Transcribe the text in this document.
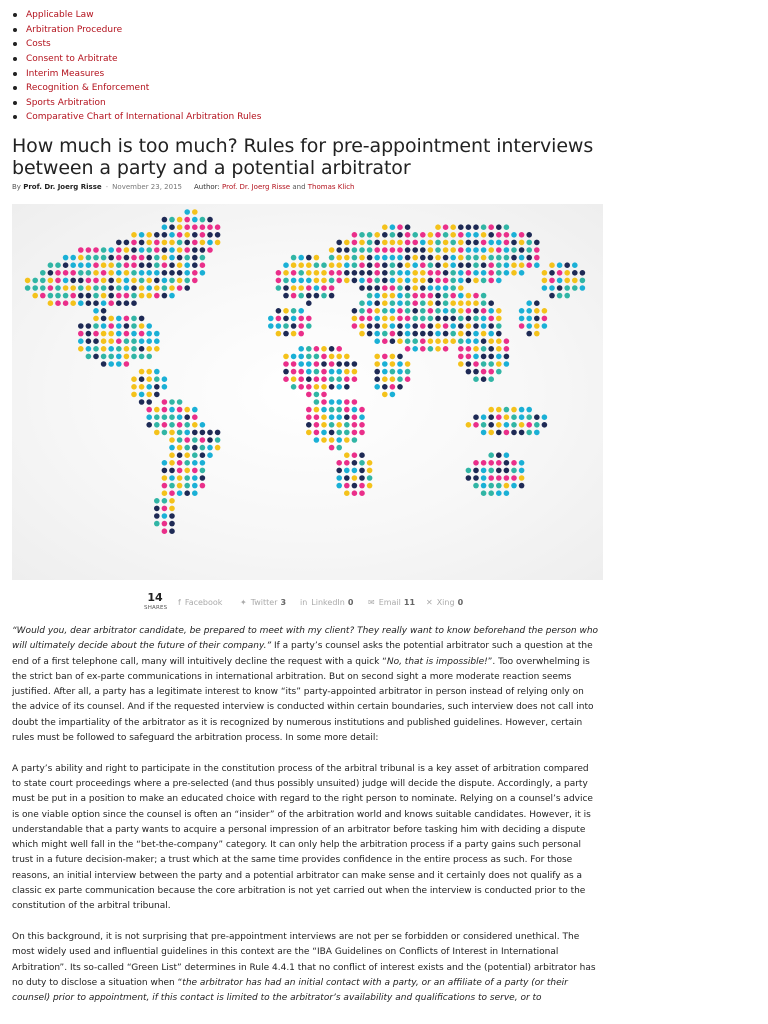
Applicable Law
Arbitration Procedure
Costs
Consent to Arbitrate
Interim Measures
Recognition & Enforcement
Sports Arbitration
Comparative Chart of International Arbitration Rules
How much is too much? Rules for pre-appointment interviews between a party and a potential arbitrator
By
Prof. Dr. Joerg Risse - November 23, 2015 Author:
Prof. Dr. Joerg Risse
and
Thomas Klich
14
SHARES
f Facebook ✦ Twitter 3 in LinkedIn 0 ✉ Email 11 ✕ Xing 0

“Would you, dear arbitrator candidate, be prepared to meet with my client? They really want to know beforehand the person who will ultimately decide about the future of their company.” If a party’s counsel asks the potential arbitrator such a question at the end of a first telephone call, many will intuitively decline the request with a quick “No, that is impossible!”. Too overwhelming is the strict ban of ex-parte communications in international arbitration. But on second sight a more moderate reaction seems justified. After all, a party has a legitimate interest to know “its” party-appointed arbitrator in person instead of relying only on the advice of its counsel. And if the requested interview is conducted within certain boundaries, such interview does not call into doubt the impartiality of the arbitrator as it is recognized by numerous institutions and published guidelines. However, certain rules must be followed to safeguard the arbitration process. In some more detail:

A party’s ability and right to participate in the constitution process of the arbitral tribunal is a key asset of arbitration compared to state court proceedings where a pre-selected (and thus possibly unsuited) judge will decide the dispute. Accordingly, a party must be put in a position to make an educated choice with regard to the right person to nominate. Relying on a counsel’s advice is one viable option since the counsel is often an “insider” of the arbitration world and knows suitable candidates. However, it is understandable that a party wants to acquire a personal impression of an arbitrator before tasking him with deciding a dispute which might well fall in the “bet-the-company” category. It can only help the arbitration process if a party gains such personal trust in a future decision-maker; a trust which at the same time provides confidence in the entire process as such. For those reasons, an initial interview between the party and a potential arbitrator can make sense and it certainly does not qualify as a classic ex parte communication because the core arbitration is not yet carried out when the interview is conducted prior to the constitution of the arbitral tribunal.

On this background, it is not surprising that pre-appointment interviews are not per se forbidden or considered unethical. The most widely used and influential guidelines in this context are the “IBA Guidelines on Conflicts of Interest in International Arbitration”. Its so-called “Green List” determines in Rule 4.4.1 that no conflict of interest exists and the (potential) arbitrator has no duty to disclose a situation when “the arbitrator has had an initial contact with a party, or an affiliate of a party (or their counsel) prior to appointment, if this contact is limited to the arbitrator’s availability and qualifications to serve, or to
